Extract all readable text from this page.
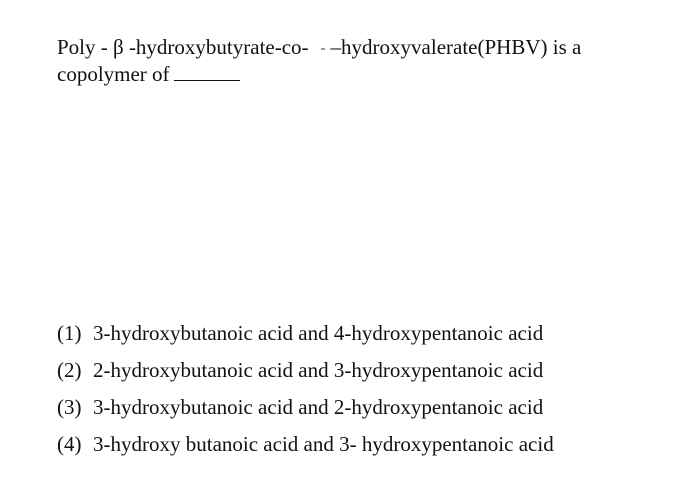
Poly - β -hydroxybutyrate-co- –hydroxyvalerate(PHBV) is a
copolymer of
(1) 3-hydroxybutanoic acid and 4-hydroxypentanoic acid
(2) 2-hydroxybutanoic acid and 3-hydroxypentanoic acid
(3) 3-hydroxybutanoic acid and 2-hydroxypentanoic acid
(4) 3-hydroxy butanoic acid and 3- hydroxypentanoic acid
